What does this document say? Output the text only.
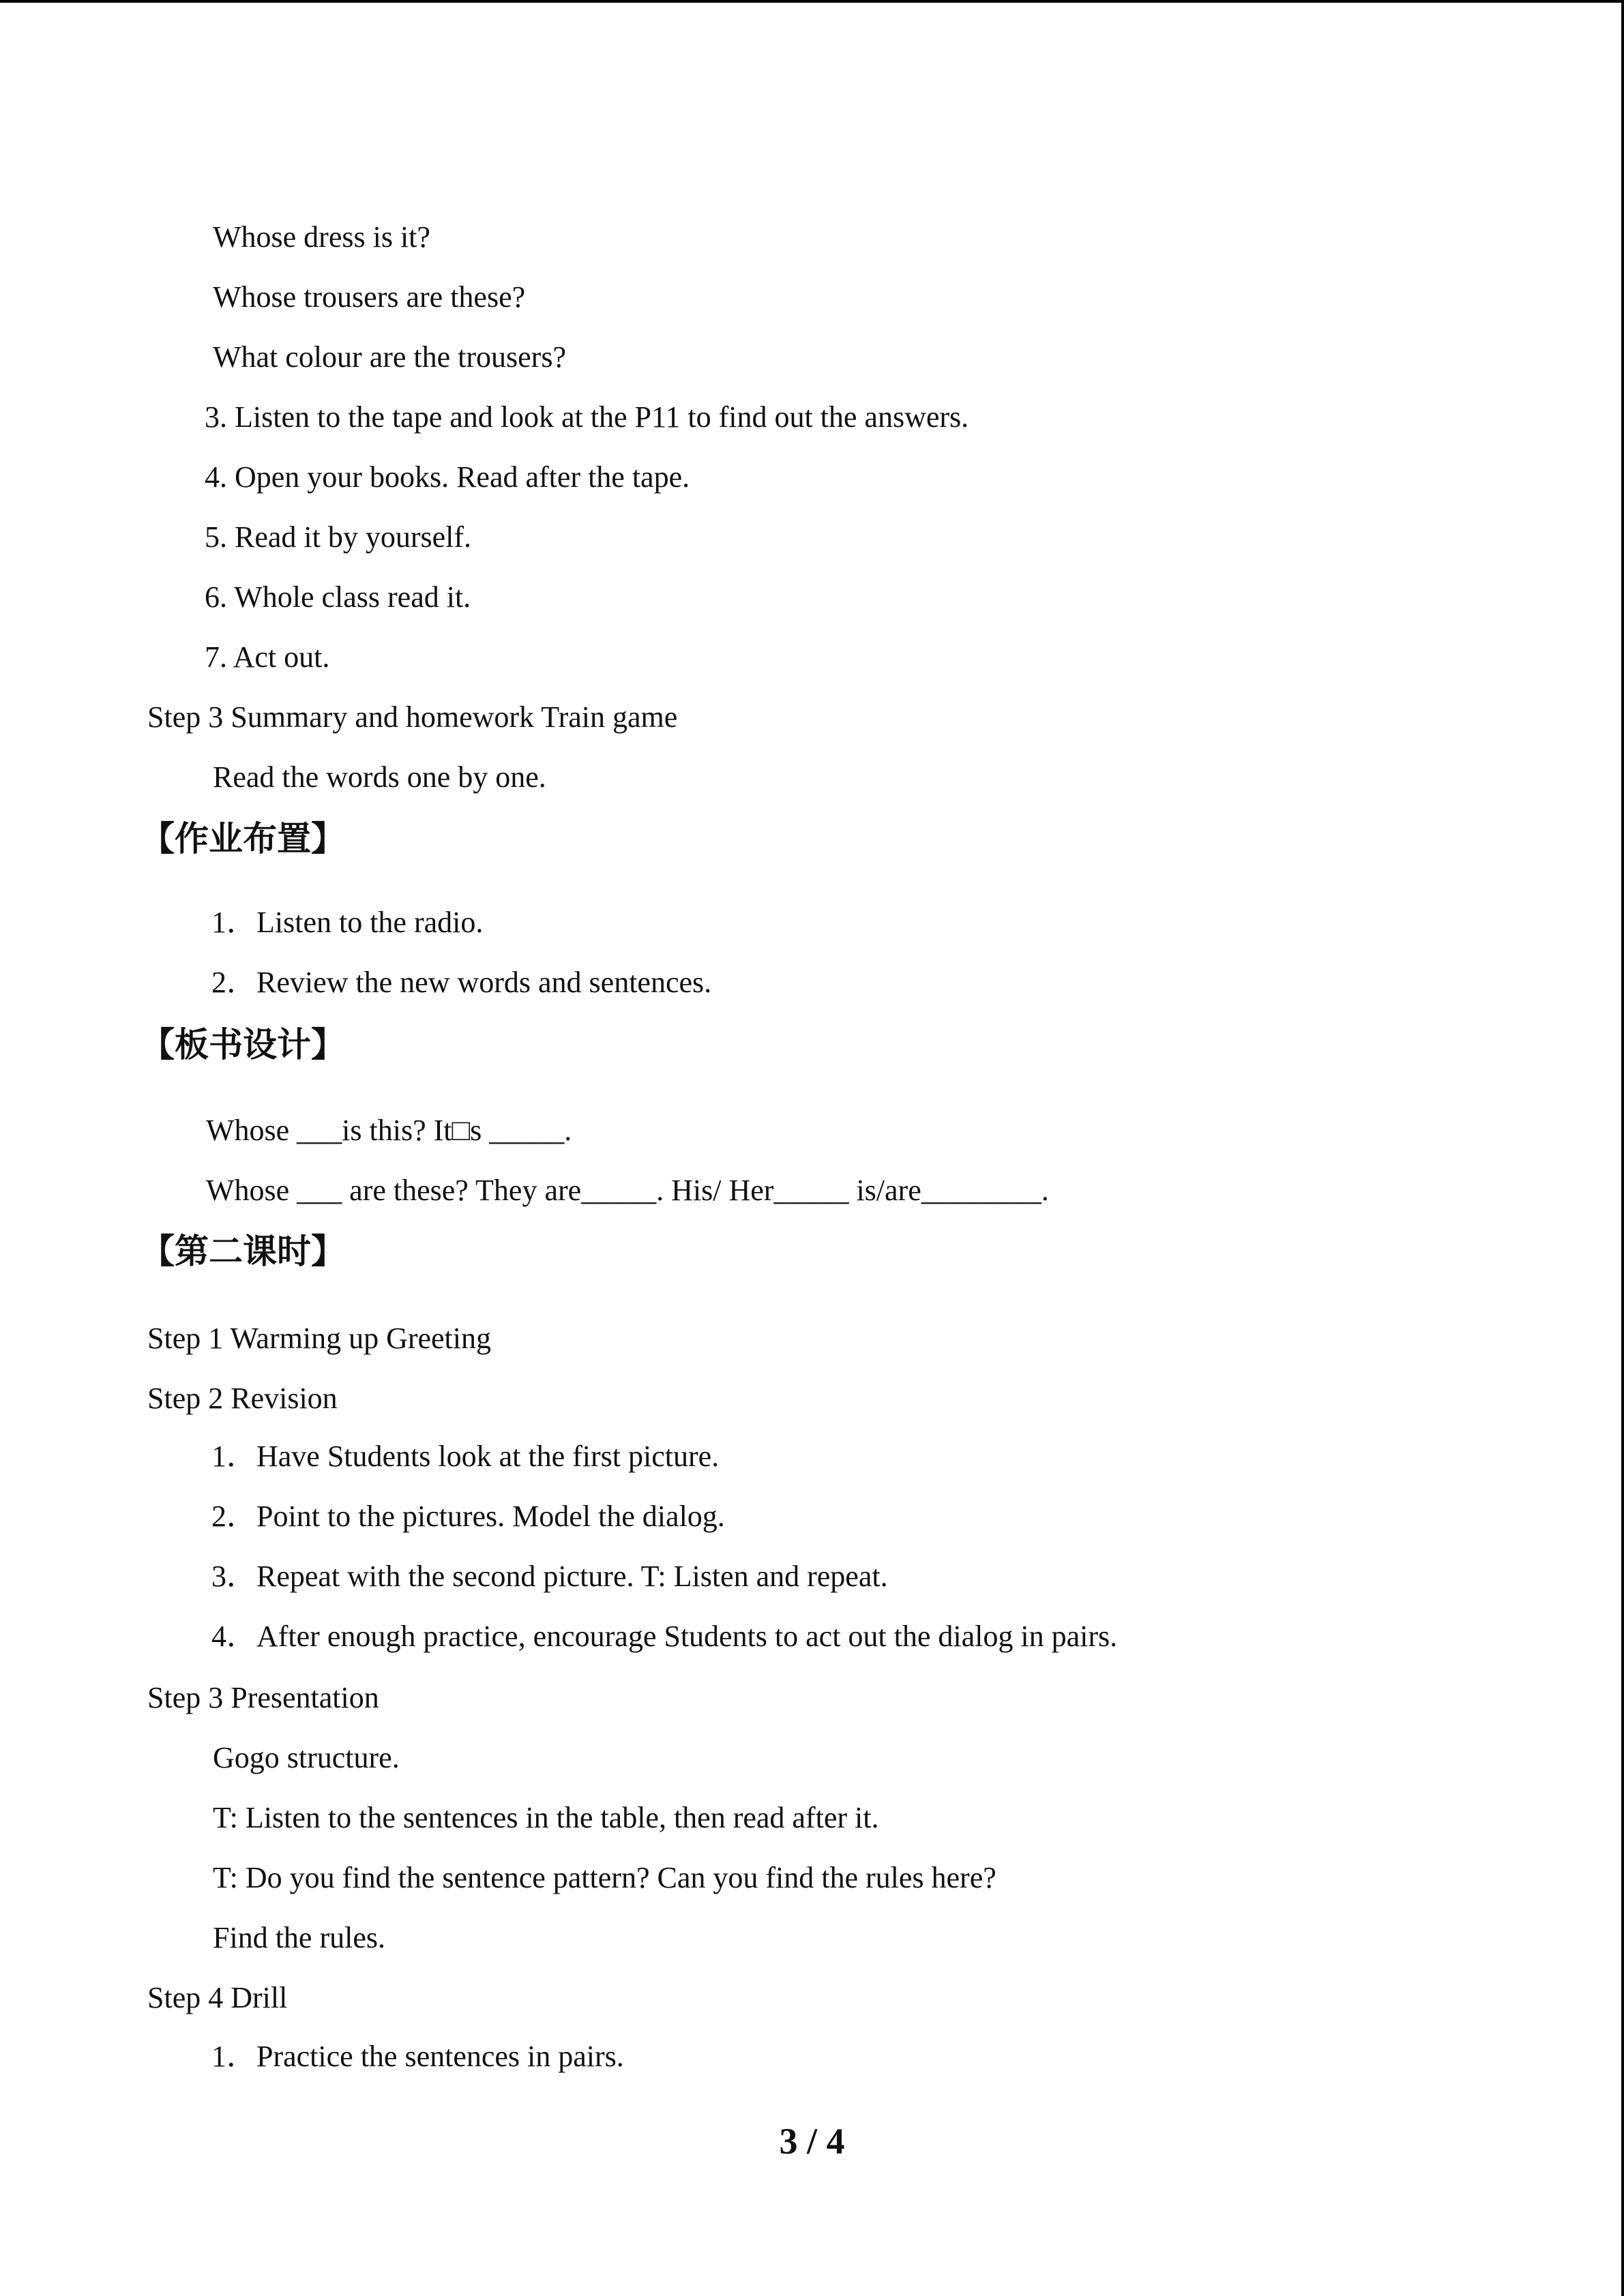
Whose dress is it?
Whose trousers are these?
What colour are the trousers?
3. Listen to the tape and look at the P11 to find out the answers.
4. Open your books. Read after the tape.
5. Read it by yourself.
6. Whole class read it.
7. Act out.
Step 3 Summary and homework Train game
Read the words one by one.
【作业布置】
1．Listen to the radio.
2．Review the new words and sentences.
【板书设计】
Whose ___is this? It□s _____.
Whose ___ are these? They are_____. His/ Her_____ is/are________.
【第二课时】
Step 1 Warming up Greeting
Step 2 Revision
1．Have Students look at the first picture.
2．Point to the pictures. Model the dialog.
3．Repeat with the second picture. T: Listen and repeat.
4．After enough practice, encourage Students to act out the dialog in pairs.
Step 3 Presentation
Gogo structure.
T: Listen to the sentences in the table, then read after it.
T: Do you find the sentence pattern? Can you find the rules here?
Find the rules.
Step 4 Drill
1．Practice the sentences in pairs.
3 / 4
